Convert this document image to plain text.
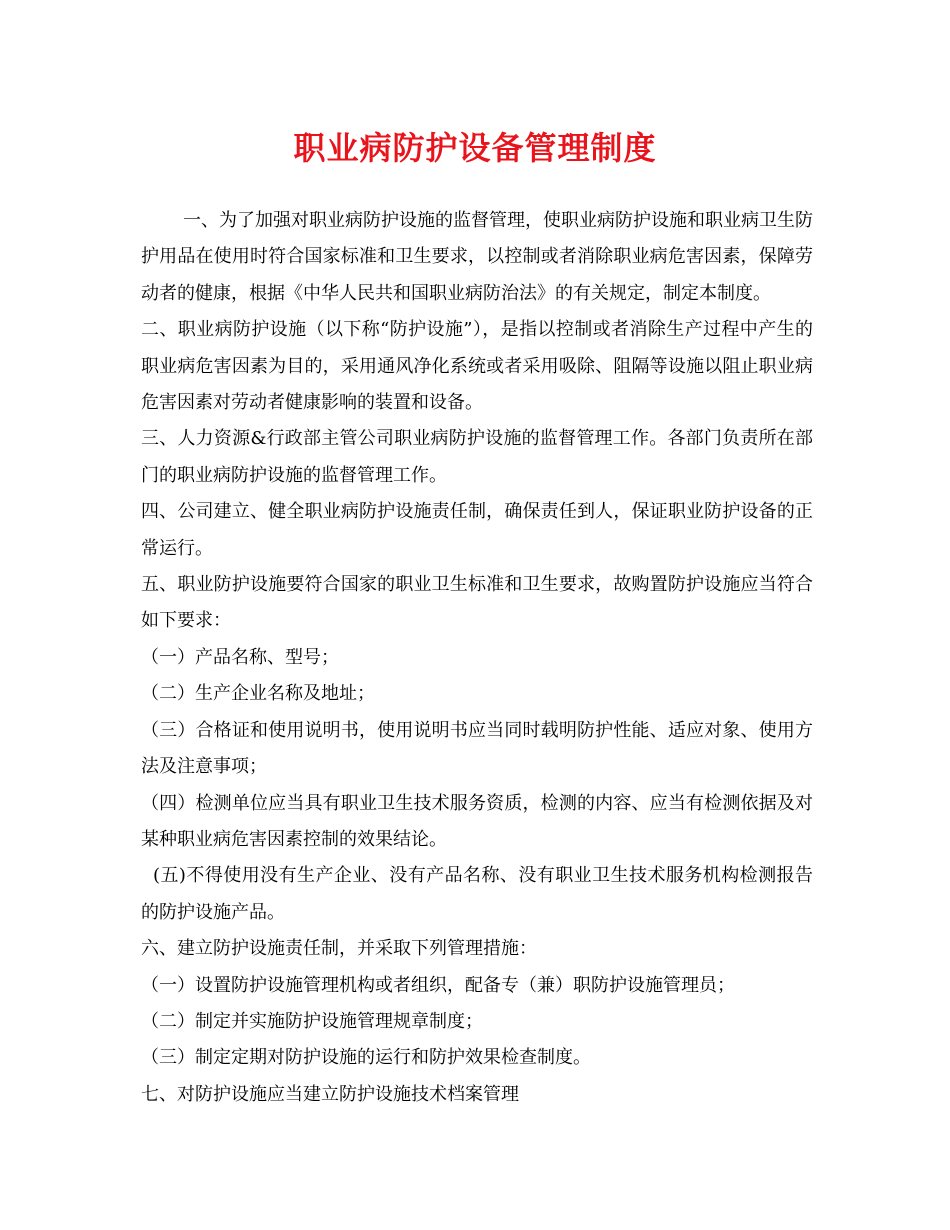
职业病防护设备管理制度

一、为了加强对职业病防护设施的监督管理，使职业病防护设施和职业病卫生防护用品在使用时符合国家标准和卫生要求，以控制或者消除职业病危害因素，保障劳动者的健康，根据《中华人民共和国职业病防治法》的有关规定，制定本制度。

二、职业病防护设施（以下称“防护设施”），是指以控制或者消除生产过程中产生的职业病危害因素为目的，采用通风净化系统或者采用吸除、阻隔等设施以阻止职业病危害因素对劳动者健康影响的装置和设备。

三、人力资源&行政部主管公司职业病防护设施的监督管理工作。各部门负责所在部门的职业病防护设施的监督管理工作。

四、公司建立、健全职业病防护设施责任制，确保责任到人，保证职业防护设备的正常运行。

五、职业防护设施要符合国家的职业卫生标准和卫生要求，故购置防护设施应当符合如下要求：

（一）产品名称、型号；

（二）生产企业名称及地址；

（三）合格证和使用说明书，使用说明书应当同时载明防护性能、适应对象、使用方法及注意事项；

（四）检测单位应当具有职业卫生技术服务资质，检测的内容、应当有检测依据及对某种职业病危害因素控制的效果结论。

(五)不得使用没有生产企业、没有产品名称、没有职业卫生技术服务机构检测报告的防护设施产品。

六、建立防护设施责任制，并采取下列管理措施：

（一）设置防护设施管理机构或者组织，配备专（兼）职防护设施管理员；

（二）制定并实施防护设施管理规章制度；

（三）制定定期对防护设施的运行和防护效果检查制度。

七、对防护设施应当建立防护设施技术档案管理
